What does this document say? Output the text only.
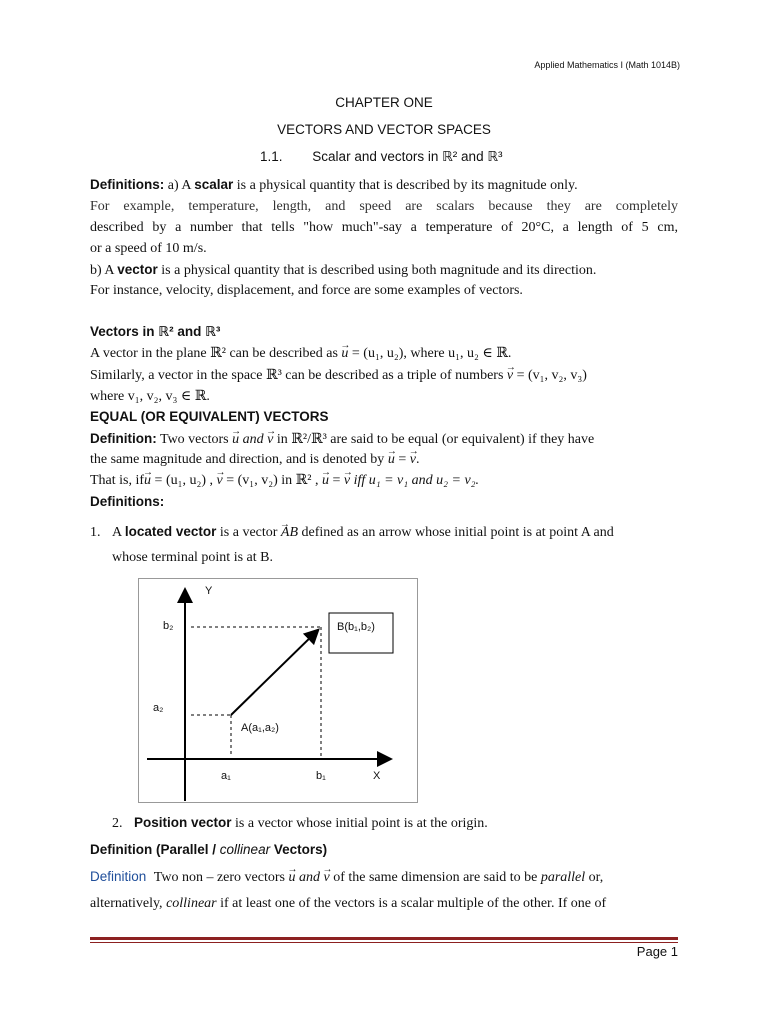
Applied Mathematics I (Math 1014B)
CHAPTER ONE
VECTORS AND VECTOR SPACES
1.1. Scalar and vectors in ℝ² and ℝ³
Definitions: a) A scalar is a physical quantity that is described by its magnitude only.
For example, temperature, length, and speed are scalars because they are completely
described by a number that tells "how much"-say a temperature of 20°C, a length of 5 cm,
or a speed of 10 m/s.
b) A vector is a physical quantity that is described using both magnitude and its direction.
For instance, velocity, displacement, and force are some examples of vectors.
Vectors in ℝ² and ℝ³
A vector in the plane ℝ² can be described as → u = (u₁, u₂), where u₁, u₂ ∈ ℝ.
Similarly, a vector in the space ℝ³ can be described as a triple of numbers → v = (v₁, v₂, v₃)
where v₁, v₂, v₃ ∈ ℝ.
EQUAL (OR EQUIVALENT) VECTORS
Definition: Two vectors → u and → v in ℝ²/ℝ³ are said to be equal (or equivalent) if they have
the same magnitude and direction, and is denoted by → u = → v.
That is, if→ u = (u₁, u₂) , → v = (v₁, v₂) in ℝ² , → u = → v iff u₁ = v₁ and u₂ = v₂.
Definitions:
1. A located vector is a vector → AB defined as an arrow whose initial point is at point A and
whose terminal point is at B.
Y
b₂	B(b₁,b₂)
a₂
A(a₁,a₂)
a₁	b₁	X
2. Position vector is a vector whose initial point is at the origin.
Definition (Parallel / collinear Vectors)
Definition Two non – zero vectors → u and → v of the same dimension are said to be parallel or,
alternatively, collinear if at least one of the vectors is a scalar multiple of the other. If one of
Page 1
